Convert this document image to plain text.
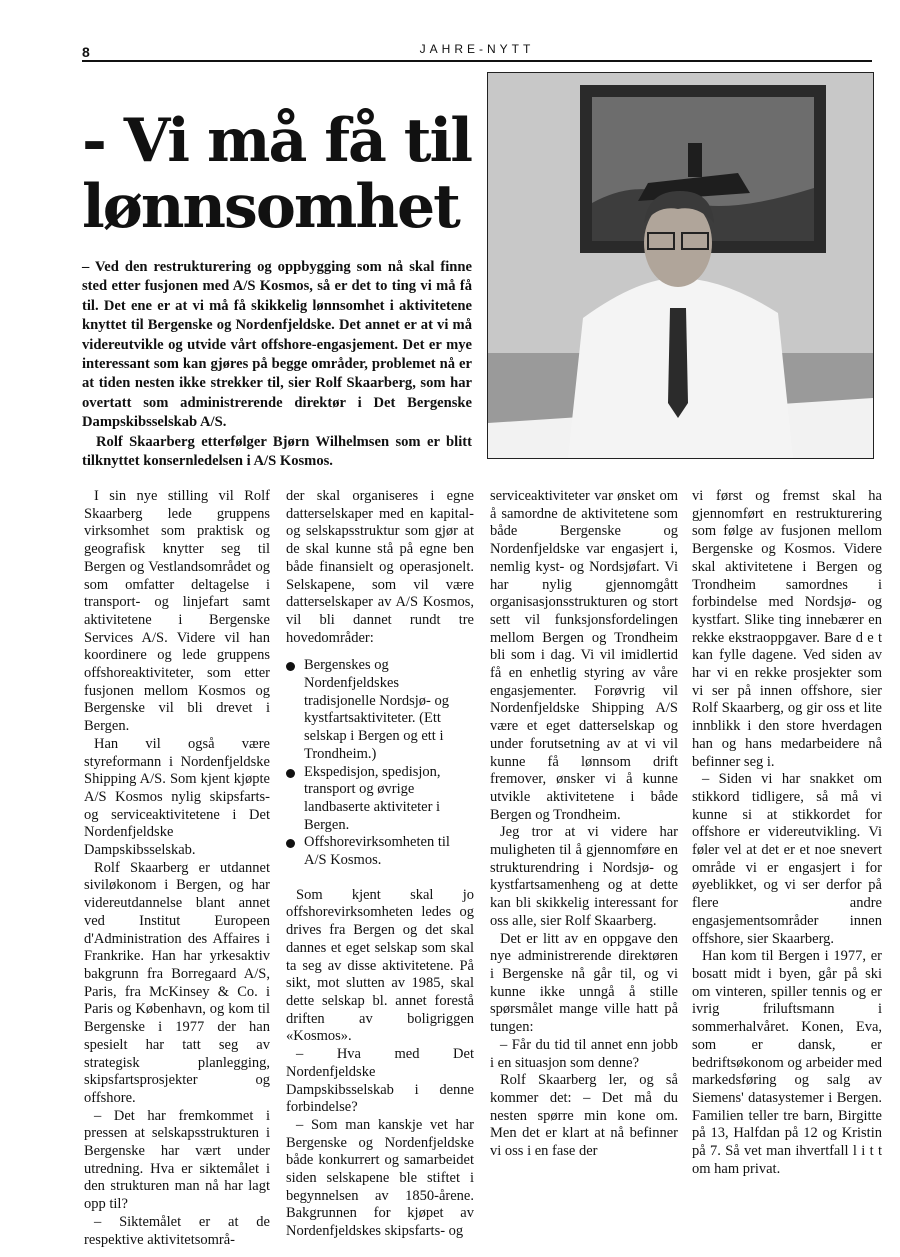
8	JAHRE-NYTT
- Vi må få til
lønnsomhet

– Ved den restrukturering og oppbygging som nå skal finne sted etter fusjonen med A/S Kosmos, så er det to ting vi må få til. Det ene er at vi må få skikkelig lønnsomhet i aktivitetene knyttet til Bergenske og Nordenfjeldske. Det annet er at vi må videreutvikle og utvide vårt offshore-engasjement. Det er mye interessant som kan gjøres på begge områder, problemet nå er at tiden nesten ikke strekker til, sier Rolf Skaarberg, som har overtatt som administrerende direktør i Det Bergenske Dampskibsselskab A/S.

Rolf Skaarberg etterfølger Bjørn Wilhelmsen som er blitt tilknyttet konsernledelsen i A/S Kosmos.

I sin nye stilling vil Rolf Skaarberg lede gruppens virksomhet som praktisk og geografisk knytter seg til Bergen og Vestlandsområdet og som omfatter deltagelse i transport- og linjefart samt aktivitetene i Bergenske Services A/S. Videre vil han koordinere og lede gruppens offshoreaktiviteter, som etter fusjonen mellom Kosmos og Bergenske vil bli drevet i Bergen.

Han vil også være styreformann i Nordenfjeldske Shipping A/S. Som kjent kjøpte A/S Kosmos nylig skipsfarts- og serviceaktivitetene i Det Nordenfjeldske Dampskibsselskab.

Rolf Skaarberg er utdannet siviløkonom i Bergen, og har videreutdannelse blant annet ved Institut Europeen d'Administration des Affaires i Frankrike. Han har yrkesaktiv bakgrunn fra Borregaard A/S, Paris, fra McKinsey & Co. i Paris og København, og kom til Bergenske i 1977 der han spesielt har tatt seg av strategisk planlegging, skipsfartsprosjekter og offshore.

– Det har fremkommet i pressen at selskapsstrukturen i Bergenske har vært under utredning. Hva er siktemålet i den strukturen man nå har lagt opp til?

– Siktemålet er at de respektive aktivitetsområ-

der skal organiseres i egne datterselskaper med en kapital- og selskapsstruktur som gjør at de skal kunne stå på egne ben både finansielt og operasjonelt. Selskapene, som vil være datterselskaper av A/S Kosmos, vil bli dannet rundt tre hovedområder:

Bergenskes og Nordenfjeldskes tradisjonelle Nordsjø- og kystfartsaktiviteter. (Ett selskap i Bergen og ett i Trondheim.)
Ekspedisjon, spedisjon, transport og øvrige landbaserte aktiviteter i Bergen.
Offshorevirksomheten til A/S Kosmos.

Som kjent skal jo offshorevirksomheten ledes og drives fra Bergen og det skal dannes et eget selskap som skal ta seg av disse aktivitetene. På sikt, mot slutten av 1985, skal dette selskap bl. annet forestå driften av boligriggen «Kosmos».

– Hva med Det Nordenfjeldske Dampskibsselskab i denne forbindelse?

– Som man kanskje vet har Bergenske og Nordenfjeldske både konkurrert og samarbeidet siden selskapene ble stiftet i begynnelsen av 1850-årene. Bakgrunnen for kjøpet av Nordenfjeldskes skipsfarts- og

serviceaktiviteter var ønsket om å samordne de aktivitetene som både Bergenske og Nordenfjeldske var engasjert i, nemlig kyst- og Nordsjøfart. Vi har nylig gjennomgått organisasjonsstrukturen og stort sett vil funksjonsfordelingen mellom Bergen og Trondheim bli som i dag. Vi vil imidlertid få en enhetlig styring av våre engasjementer. Forøvrig vil Nordenfjeldske Shipping A/S være et eget datterselskap og under forutsetning av at vi vil kunne få lønnsom drift fremover, ønsker vi å kunne utvikle aktivitetene i både Bergen og Trondheim.

Jeg tror at vi videre har muligheten til å gjennomføre en strukturendring i Nordsjø- og kystfartsamenheng og at dette kan bli skikkelig interessant for oss alle, sier Rolf Skaarberg.

Det er litt av en oppgave den nye administrerende direktøren i Bergenske nå går til, og vi kunne ikke unngå å stille spørsmålet mange ville hatt på tungen:

– Får du tid til annet enn jobb i en situasjon som denne?

Rolf Skaarberg ler, og så kommer det: – Det må du nesten spørre min kone om. Men det er klart at nå befinner vi oss i en fase der

vi først og fremst skal ha gjennomført en restrukturering som følge av fusjonen mellom Bergenske og Kosmos. Videre skal aktivitetene i Bergen og Trondheim samordnes i forbindelse med Nordsjø- og kystfart. Slike ting innebærer en rekke ekstraoppgaver. Bare d e t kan fylle dagene. Ved siden av har vi en rekke prosjekter som vi ser på innen offshore, sier Rolf Skaarberg, og gir oss et lite innblikk i den store hverdagen han og hans medarbeidere nå befinner seg i.

– Siden vi har snakket om stikkord tidligere, så må vi kunne si at stikkordet for offshore er videreutvikling. Vi føler vel at det er et noe snevert område vi er engasjert i for øyeblikket, og vi ser derfor på flere andre engasjementsområder innen offshore, sier Skaarberg.

Han kom til Bergen i 1977, er bosatt midt i byen, går på ski om vinteren, spiller tennis og er ivrig friluftsmann i sommerhalvåret. Konen, Eva, som er dansk, er bedriftsøkonom og arbeider med markedsføring og salg av Siemens' datasystemer i Bergen. Familien teller tre barn, Birgitte på 13, Halfdan på 12 og Kristin på 7. Så vet man ihvertfall l i t t om ham privat.
